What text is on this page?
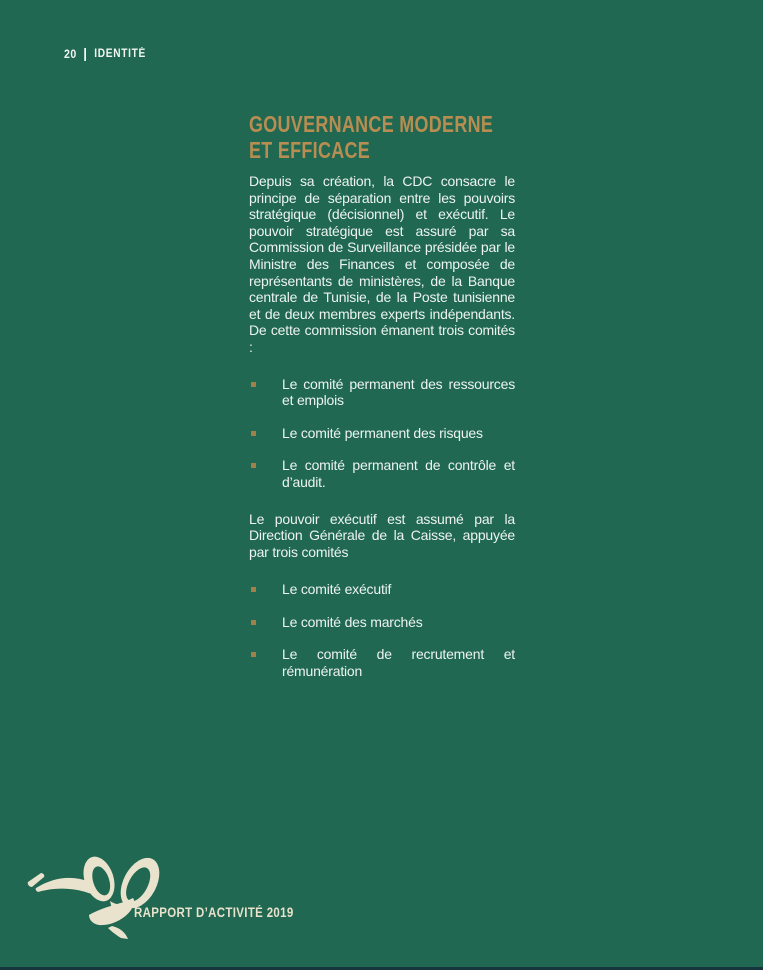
20 IDENTITÉ
GOUVERNANCE MODERNE
ET EFFICACE

Depuis sa création, la CDC consacre le principe de séparation entre les pouvoirs stratégique (décisionnel) et exécutif. Le pouvoir stratégique est assuré par sa Commission de Surveillance présidée par le Ministre des Finances et composée de représentants de ministères, de la Banque centrale de Tunisie, de la Poste tunisienne et de deux membres experts indépendants. De cette commission émanent trois comités :

Le comité permanent des ressources et emplois
Le comité permanent des risques
Le comité permanent de contrôle et d’audit.

Le pouvoir exécutif est assumé par la Direction Générale de la Caisse, appuyée par trois comités

Le comité exécutif
Le comité des marchés
Le comité de recrutement et rémunération
RAPPORT D’ACTIVITÉ 2019
